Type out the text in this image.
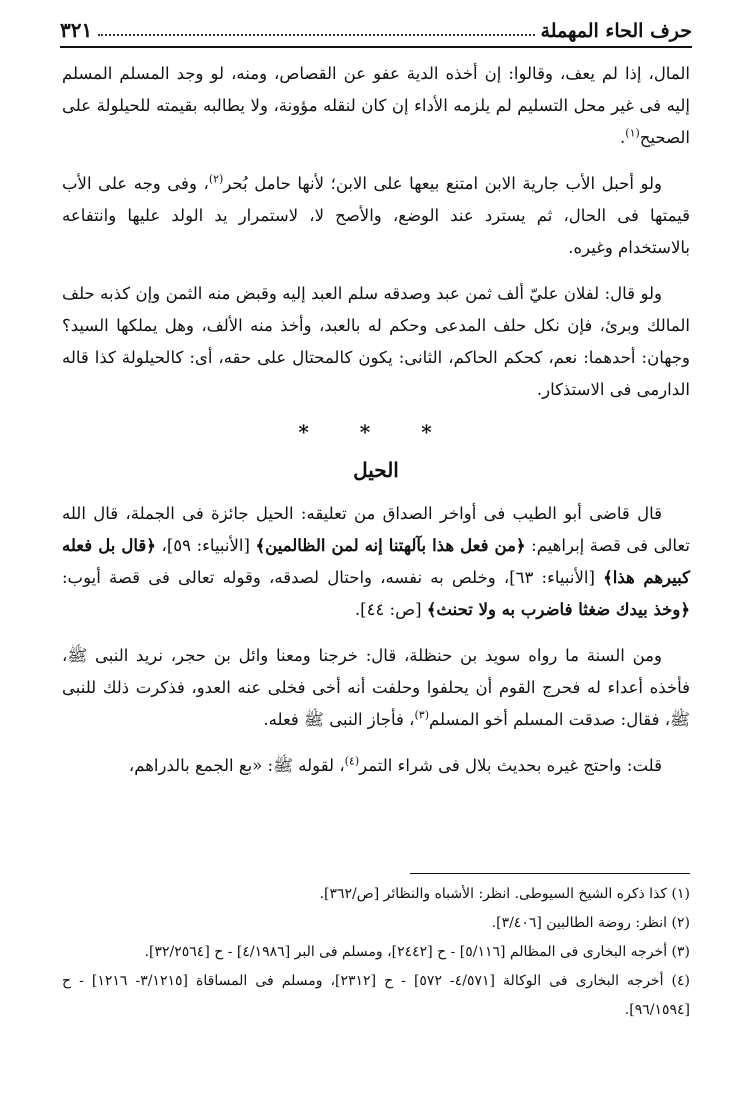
حرف الحاء المهملة
٣٢١

المال، إذا لم يعف، وقالوا: إن أخذه الدية عفو عن القصاص، ومنه، لو وجد المسلم المسلم إليه فى غير محل التسليم لم يلزمه الأداء إن كان لنقله مؤونة، ولا يطالبه بقيمته للحيلولة على الصحيح$^{(١)}$.

ولو أحبل الأب جارية الابن امتنع بيعها على الابن؛ لأنها حامل بُحر$^{(٢)}$، وفى وجه على الأب قيمتها فى الحال، ثم يسترد عند الوضع، والأصح لا، لاستمرار يد الولد عليها وانتفاعه بالاستخدام وغيره.

ولو قال: لفلان عليّ ألف ثمن عبد وصدقه سلم العبد إليه وقبض منه الثمن وإن كذبه حلف المالك وبرئ، فإن نكل حلف المدعى وحكم له بالعبد، وأخذ منه الألف، وهل يملكها السيد؟ وجهان: أحدهما: نعم، كحكم الحاكم، الثانى: يكون كالمحتال على حقه، أى: كالحيلولة كذا قاله الدارمى فى الاستذكار.

* * *
الحيل

قال قاضى أبو الطيب فى أواخر الصداق من تعليقه: الحيل جائزة فى الجملة، قال الله تعالى فى قصة إبراهيم: ﴿من فعل هذا بآلهتنا إنه لمن الظالمين﴾ [الأنبياء: ٥٩]، ﴿قال بل فعله كبيرهم هذا﴾ [الأنبياء: ٦٣]، وخلص به نفسه، واحتال لصدقه، وقوله تعالى فى قصة أيوب: ﴿وخذ بيدك ضغثا فاضرب به ولا تحنث﴾ [ص: ٤٤].

ومن السنة ما رواه سويد بن حنظلة، قال: خرجنا ومعنا وائل بن حجر، نريد النبى ﷺ، فأخذه أعداء له فحرج القوم أن يحلفوا وحلفت أنه أخى فخلى عنه العدو، فذكرت ذلك للنبى ﷺ، فقال: صدقت المسلم أخو المسلم$^{(٣)}$، فأجاز النبى ﷺ فعله.

قلت: واحتج غيره بحديث بلال فى شراء التمر$^{(٤)}$، لقوله ﷺ: «بع الجمع بالدراهم،

(١) كذا ذكره الشيخ السيوطى. انظر: الأشباه والنظائر [ص/٣٦٢].

(٢) انظر: روضة الطالبين [٣/٤٠٦].

(٣) أخرجه البخارى فى المظالم [٥/١١٦] - ح [٢٤٤٢]، ومسلم فى البر [٤/١٩٨٦] - ح [٣٢/٢٥٦٤].

(٤) أخرجه البخارى فى الوكالة [٤/٥٧١- ٥٧٢] - ح [٢٣١٢]، ومسلم فى المساقاة [٣/١٢١٥- ١٢١٦] - ح [٩٦/١٥٩٤].
